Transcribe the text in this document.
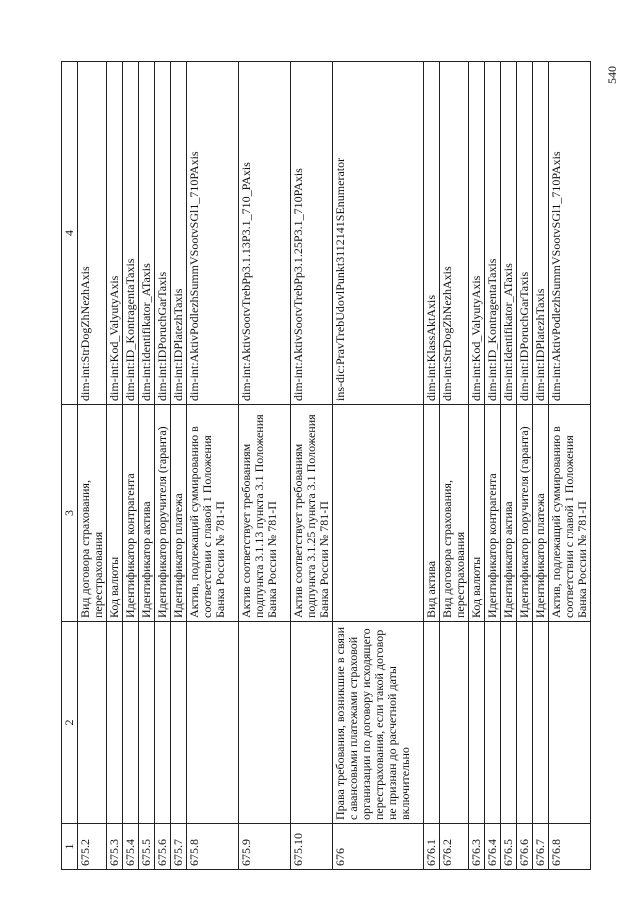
1	2	3	4
675.2		Вид договора страхования, перестрахования	dim-int:StrDogZhNezhAxis
675.3		Код валюты	dim-int:Kod_ValyutyAxis
675.4		Идентификатор контрагента	dim-int:ID_KontragentaTaxis
675.5		Идентификатор актива	dim-int:Identifikator_ATaxis
675.6		Идентификатор поручителя (гаранта)	dim-int:IDPoruchGarTaxis
675.7		Идентификатор платежа	dim-int:IDPlatezhTaxis
675.8		Актив, подлежащий суммированию в соответствии с главой 1 Положения Банка России № 781-П	dim-int:AktivPodlezhSummVSootvSGl1_710PAxis
675.9		Актив соответствует требованиям подпункта 3.1.13 пункта 3.1 Положения Банка России № 781-П	dim-int:AktivSootvTrebPp3.1.13P3.1_710_PAxis
675.10		Актив соответствует требованиям подпункта 3.1.25 пункта 3.1 Положения Банка России № 781-П	dim-int:AktivSootvTrebPp3.1.25P3.1_710PAxis
676	Права требования, возникшие в связи с авансовыми платежами страховой организации по договору исходящего перестрахования, если такой договор не признан до расчетной даты включительно		ins-dic:PravTrebUdovlPunkt3112141SEnumerator
676.1		Вид актива	dim-int:KlassAktAxis
676.2		Вид договора страхования, перестрахования	dim-int:StrDogZhNezhAxis
676.3		Код валюты	dim-int:Kod_ValyutyAxis
676.4		Идентификатор контрагента	dim-int:ID_KontragentaTaxis
676.5		Идентификатор актива	dim-int:Identifikator_ATaxis
676.6		Идентификатор поручителя (гаранта)	dim-int:IDPoruchGarTaxis
676.7		Идентификатор платежа	dim-int:IDPlatezhTaxis
676.8		Актив, подлежащий суммированию в соответствии с главой 1 Положения Банка России № 781-П	dim-int:AktivPodlezhSummVSootvSGl1_710PAxis
540
